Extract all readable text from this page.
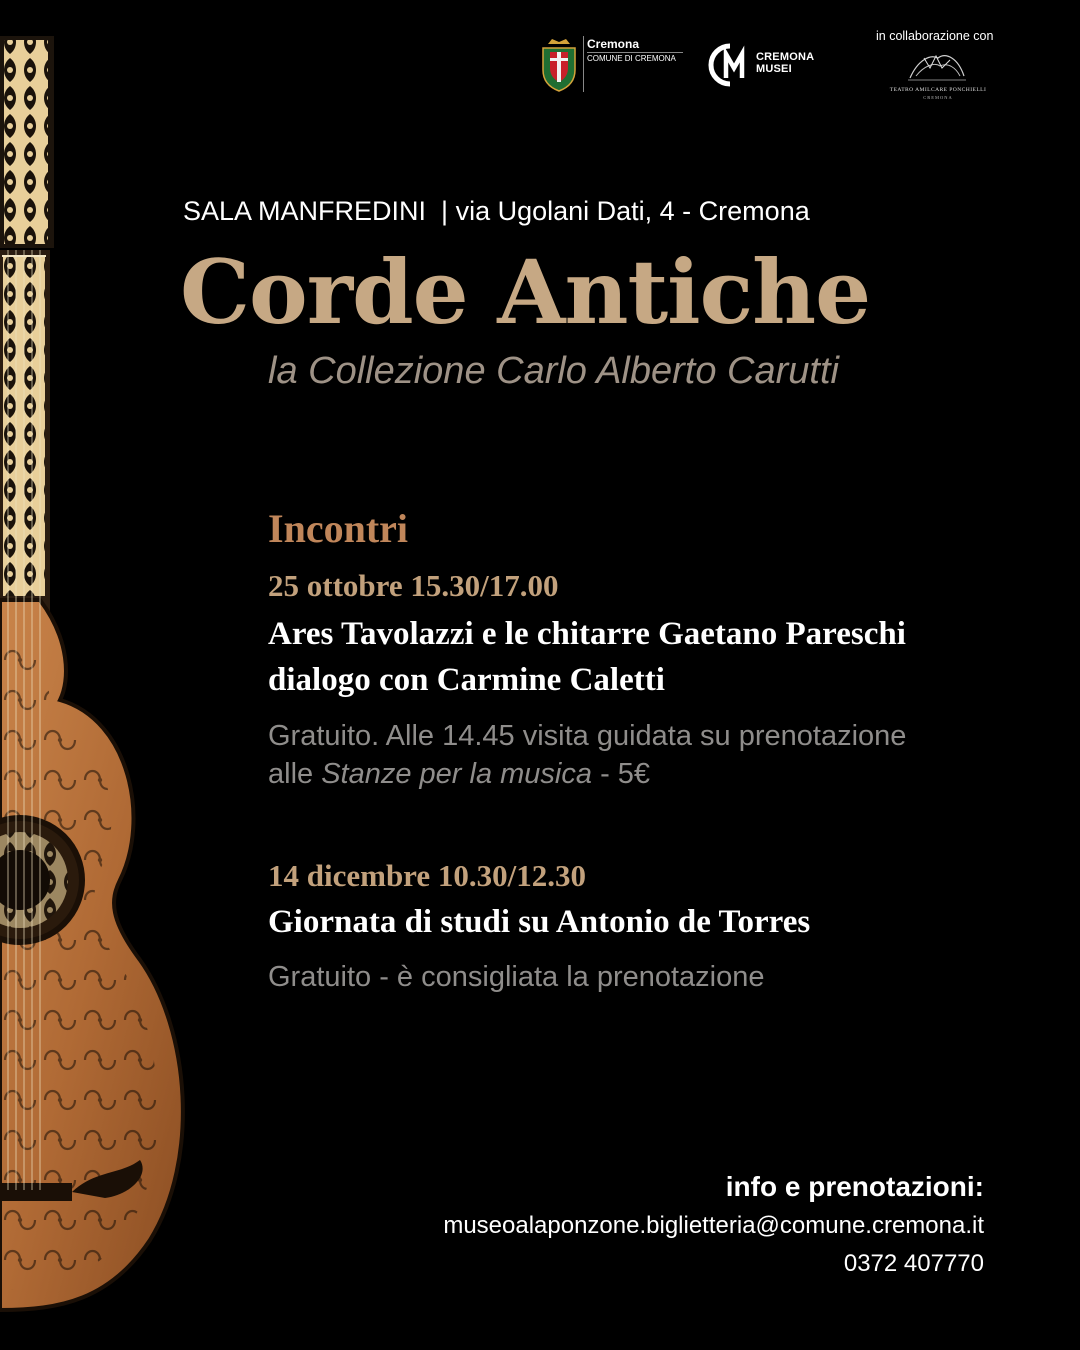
Cremona
COMUNE DI CREMONA	CREMONA
MUSEI
in collaborazione con
TEATRO AMILCARE PONCHIELLI
CREMONA
SALA MANFREDINI  | via Ugolani Dati, 4 - Cremona
Corde Antiche
la Collezione Carlo Alberto Carutti
Incontri
25 ottobre 15.30/17.00
Ares Tavolazzi e le chitarre Gaetano Pareschi
dialogo con Carmine Caletti
Gratuito. Alle 14.45 visita guidata su prenotazione
alle Stanze per la musica - 5€
14 dicembre 10.30/12.30
Giornata di studi su Antonio de Torres
Gratuito - è consigliata la prenotazione
info e prenotazioni:
museoalaponzone.biglietteria@comune.cremona.it
0372 407770
